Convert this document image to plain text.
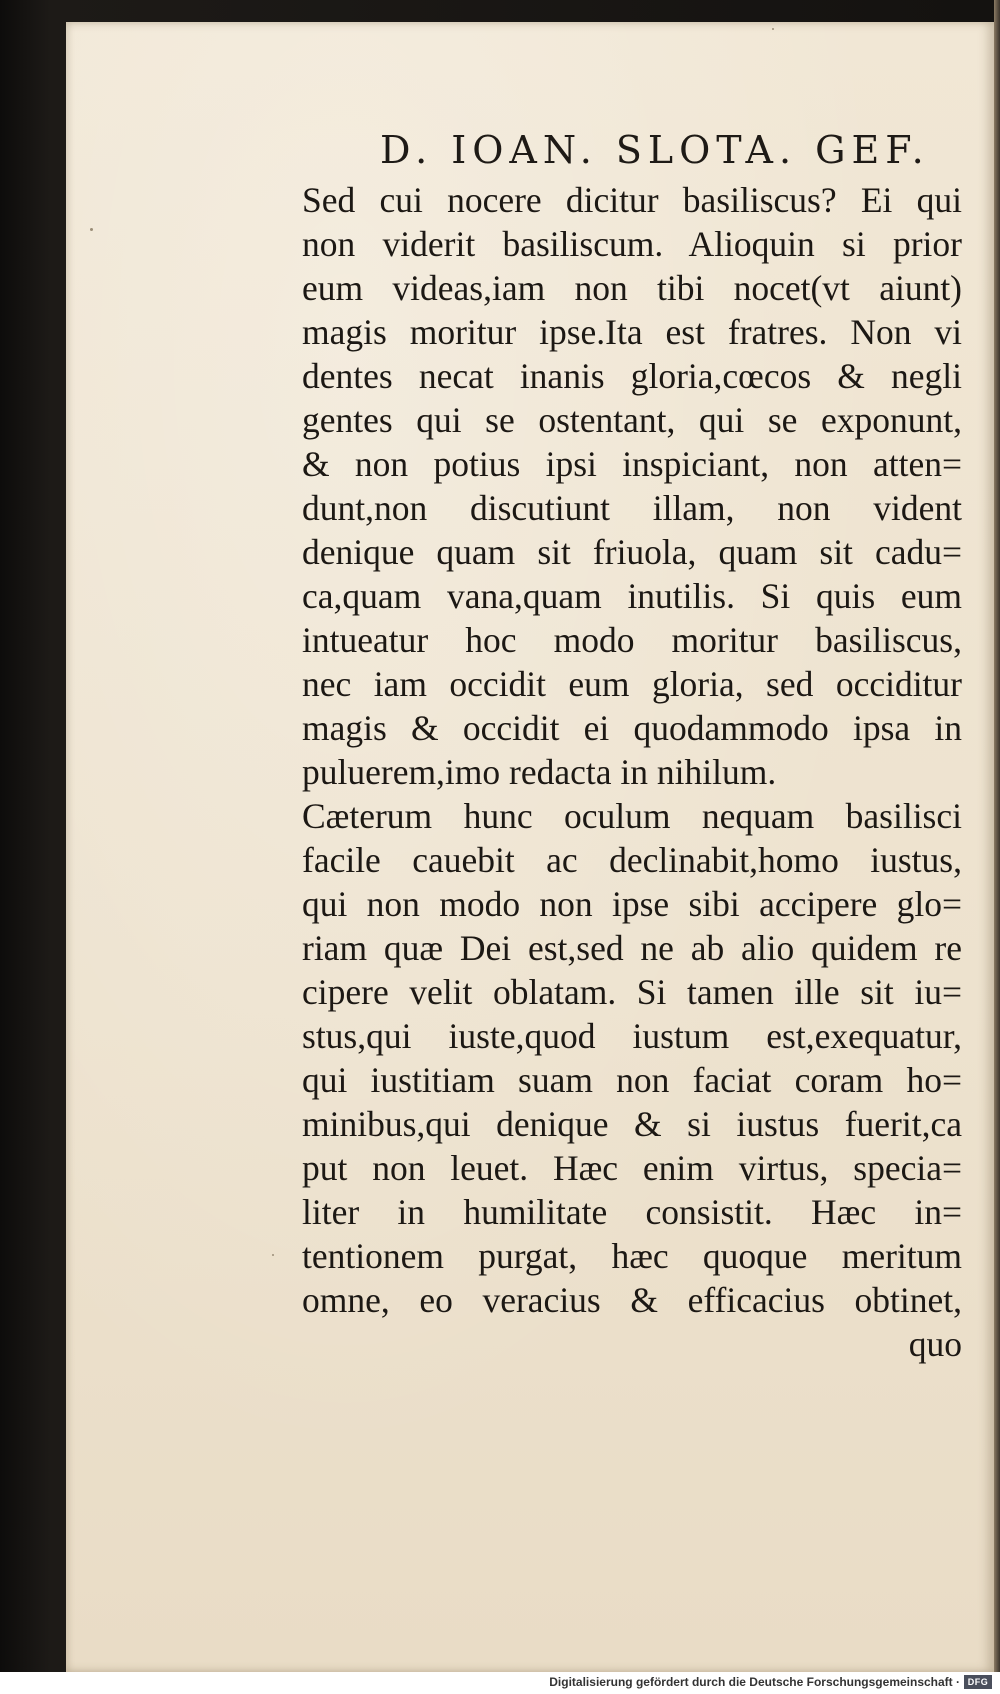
D. IOAN. SLOTA. GEF.
Sed cui nocere dicitur basiliscus? Ei qui
non viderit basiliscum. Alioquin si prior
eum videas,iam non tibi nocet(vt aiunt)
magis moritur ipse.Ita est fratres. Non vi
dentes necat inanis gloria,cœcos & negli
gentes qui se ostentant, qui se exponunt,
& non potius ipsi inspiciant, non atten=
dunt,non discutiunt illam, non vident
denique quam sit friuola, quam sit cadu=
ca,quam vana,quam inutilis. Si quis eum
intueatur hoc modo moritur basiliscus,
nec iam occidit eum gloria, sed occiditur
magis & occidit ei quodammodo ipsa in
puluerem,imo redacta in nihilum.
Cæterum hunc oculum nequam basilisci
facile cauebit ac declinabit,homo iustus,
qui non modo non ipse sibi accipere glo=
riam quæ Dei est,sed ne ab alio quidem re
cipere velit oblatam. Si tamen ille sit iu=
stus,qui iuste,quod iustum est,exequatur,
qui iustitiam suam non faciat coram ho=
minibus,qui denique & si iustus fuerit,ca
put non leuet. Hæc enim virtus, specia=
liter in humilitate consistit. Hæc in=
tentionem purgat, hæc quoque meritum
omne, eo veracius & efficacius obtinet,
quo
Digitalisierung gefördert durch die Deutsche Forschungsgemeinschaft · DFG
